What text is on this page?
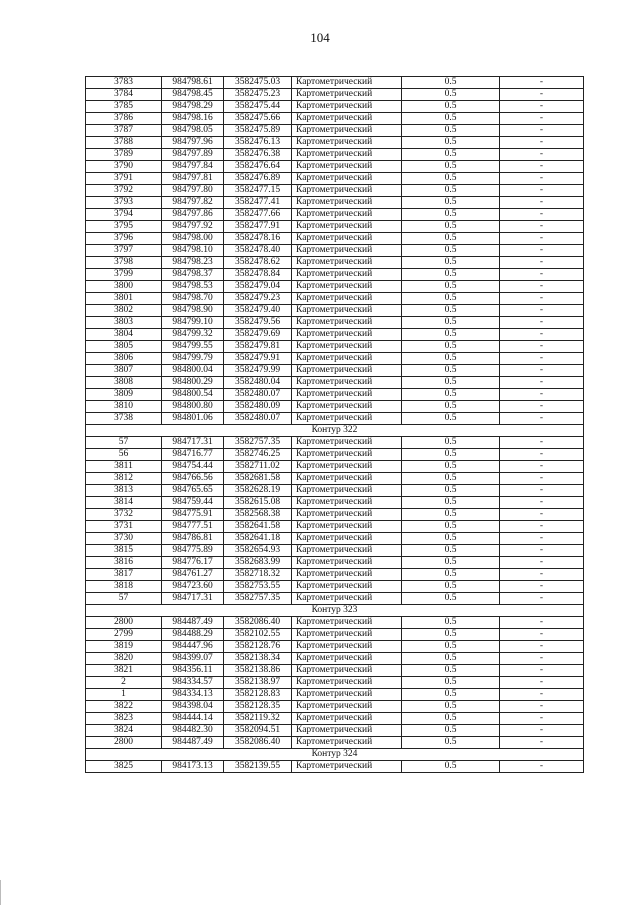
104
3783	984798.61	3582475.03	Картометрический	0.5	-
3784	984798.45	3582475.23	Картометрический	0.5	-
3785	984798.29	3582475.44	Картометрический	0.5	-
3786	984798.16	3582475.66	Картометрический	0.5	-
3787	984798.05	3582475.89	Картометрический	0.5	-
3788	984797.96	3582476.13	Картометрический	0.5	-
3789	984797.89	3582476.38	Картометрический	0.5	-
3790	984797.84	3582476.64	Картометрический	0.5	-
3791	984797.81	3582476.89	Картометрический	0.5	-
3792	984797.80	3582477.15	Картометрический	0.5	-
3793	984797.82	3582477.41	Картометрический	0.5	-
3794	984797.86	3582477.66	Картометрический	0.5	-
3795	984797.92	3582477.91	Картометрический	0.5	-
3796	984798.00	3582478.16	Картометрический	0.5	-
3797	984798.10	3582478.40	Картометрический	0.5	-
3798	984798.23	3582478.62	Картометрический	0.5	-
3799	984798.37	3582478.84	Картометрический	0.5	-
3800	984798.53	3582479.04	Картометрический	0.5	-
3801	984798.70	3582479.23	Картометрический	0.5	-
3802	984798.90	3582479.40	Картометрический	0.5	-
3803	984799.10	3582479.56	Картометрический	0.5	-
3804	984799.32	3582479.69	Картометрический	0.5	-
3805	984799.55	3582479.81	Картометрический	0.5	-
3806	984799.79	3582479.91	Картометрический	0.5	-
3807	984800.04	3582479.99	Картометрический	0.5	-
3808	984800.29	3582480.04	Картометрический	0.5	-
3809	984800.54	3582480.07	Картометрический	0.5	-
3810	984800.80	3582480.09	Картометрический	0.5	-
3738	984801.06	3582480.07	Картометрический	0.5	-
Контур 322					
57	984717.31	3582757.35	Картометрический	0.5	-
56	984716.77	3582746.25	Картометрический	0.5	-
3811	984754.44	3582711.02	Картометрический	0.5	-
3812	984766.56	3582681.58	Картометрический	0.5	-
3813	984765.65	3582628.19	Картометрический	0.5	-
3814	984759.44	3582615.08	Картометрический	0.5	-
3732	984775.91	3582568.38	Картометрический	0.5	-
3731	984777.51	3582641.58	Картометрический	0.5	-
3730	984786.81	3582641.18	Картометрический	0.5	-
3815	984775.89	3582654.93	Картометрический	0.5	-
3816	984776.17	3582683.99	Картометрический	0.5	-
3817	984761.27	3582718.32	Картометрический	0.5	-
3818	984723.60	3582753.55	Картометрический	0.5	-
57	984717.31	3582757.35	Картометрический	0.5	-
Контур 323					
2800	984487.49	3582086.40	Картометрический	0.5	-
2799	984488.29	3582102.55	Картометрический	0.5	-
3819	984447.96	3582128.76	Картометрический	0.5	-
3820	984399.07	3582138.34	Картометрический	0.5	-
3821	984356.11	3582138.86	Картометрический	0.5	-
2	984334.57	3582138.97	Картометрический	0.5	-
1	984334.13	3582128.83	Картометрический	0.5	-
3822	984398.04	3582128.35	Картометрический	0.5	-
3823	984444.14	3582119.32	Картометрический	0.5	-
3824	984482.30	3582094.51	Картометрический	0.5	-
2800	984487.49	3582086.40	Картометрический	0.5	-
Контур 324					
3825	984173.13	3582139.55	Картометрический	0.5	-
